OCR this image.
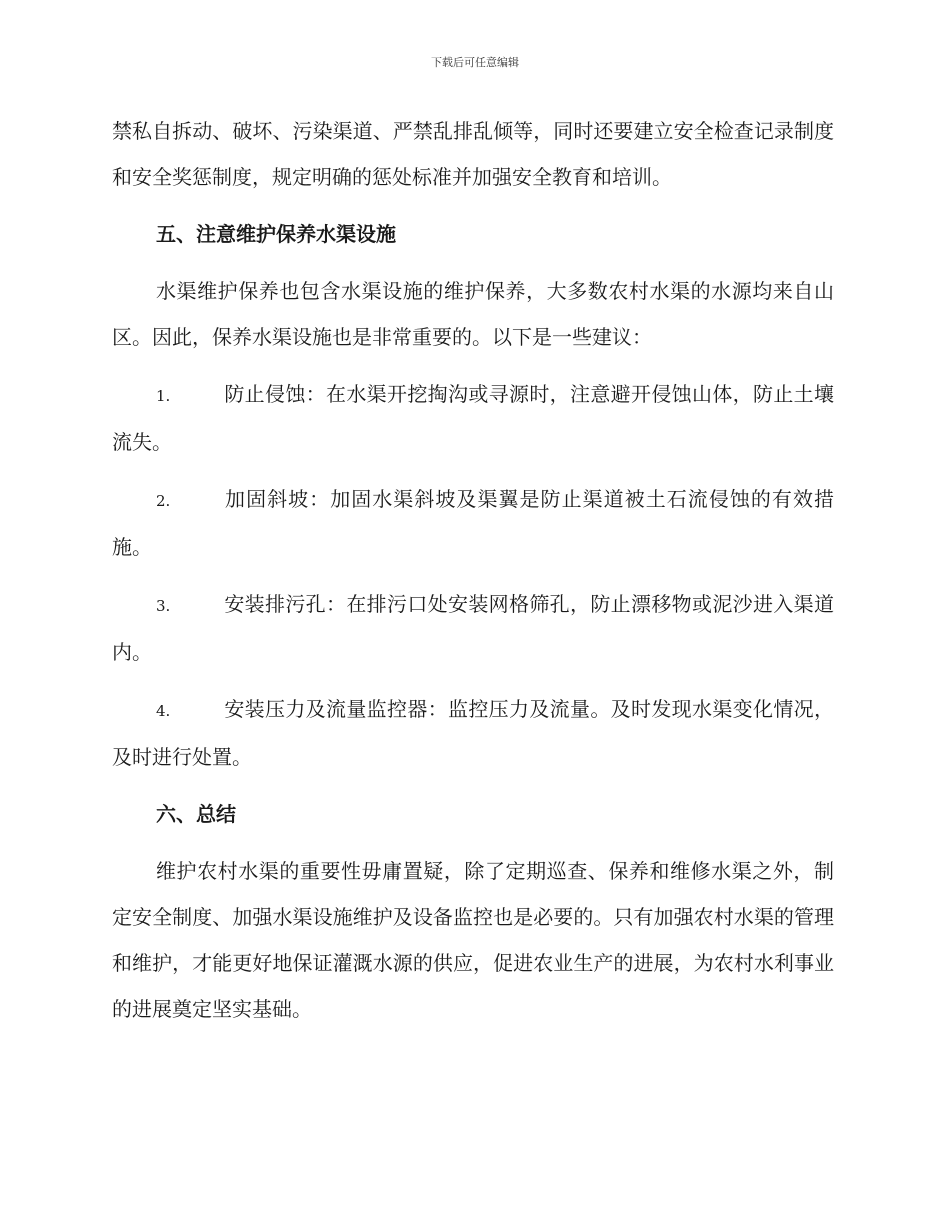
下载后可任意编辑

禁私自拆动、破坏、污染渠道、严禁乱排乱倾等，同时还要建立安全检查记录制度和安全奖惩制度，规定明确的惩处标准并加强安全教育和培训。

五、注意维护保养水渠设施

水渠维护保养也包含水渠设施的维护保养，大多数农村水渠的水源均来自山区。因此，保养水渠设施也是非常重要的。以下是一些建议：

1.	防止侵蚀：在水渠开挖掏沟或寻源时，注意避开侵蚀山体，防止土壤流失。

2.	加固斜坡：加固水渠斜坡及渠翼是防止渠道被土石流侵蚀的有效措施。

3.	安装排污孔：在排污口处安装网格筛孔，防止漂移物或泥沙进入渠道内。

4.	安装压力及流量监控器：监控压力及流量。及时发现水渠变化情况，及时进行处置。

六、总结

维护农村水渠的重要性毋庸置疑，除了定期巡查、保养和维修水渠之外，制定安全制度、加强水渠设施维护及设备监控也是必要的。只有加强农村水渠的管理和维护，才能更好地保证灌溉水源的供应，促进农业生产的进展，为农村水利事业的进展奠定坚实基础。
